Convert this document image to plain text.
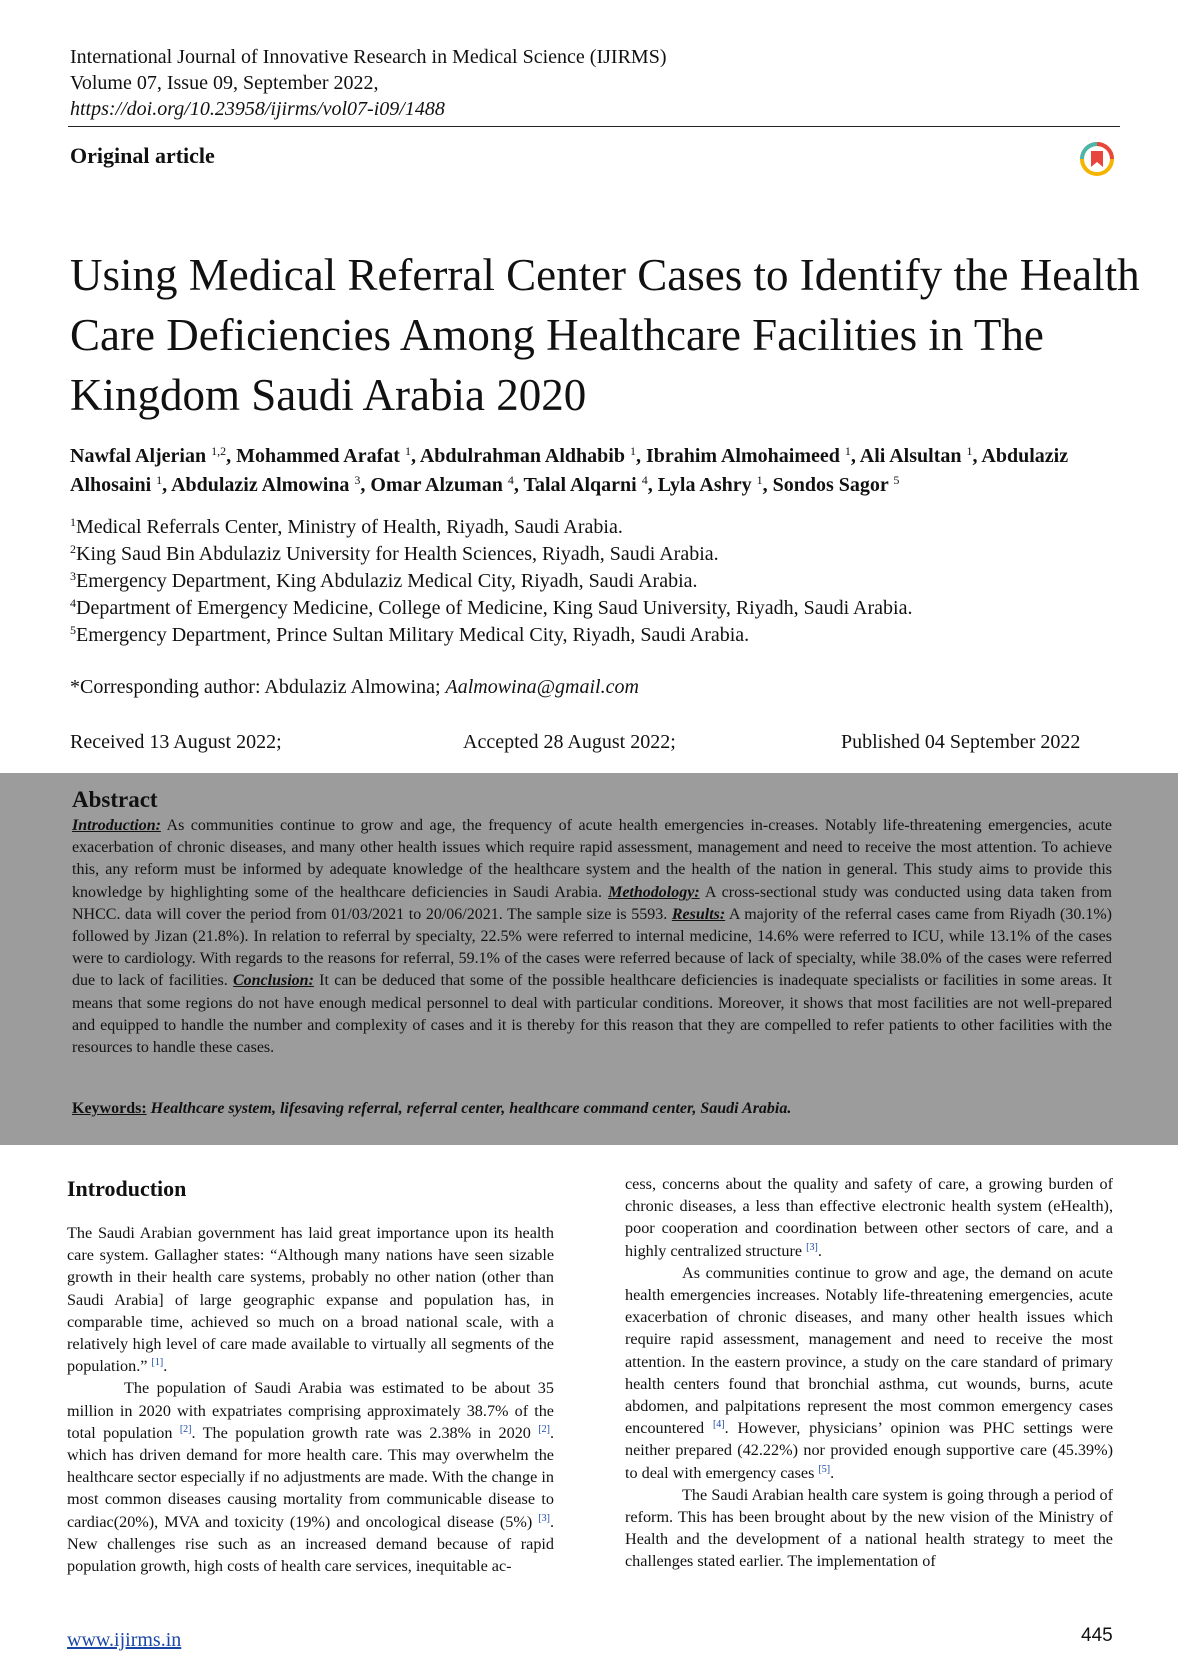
International Journal of Innovative Research in Medical Science (IJIRMS)
Volume 07, Issue 09, September 2022,
https://doi.org/10.23958/ijirms/vol07-i09/1488
Original article
Using Medical Referral Center Cases to Identify the Health Care Deficiencies Among Healthcare Facilities in The Kingdom Saudi Arabia 2020
Nawfal Aljerian $^{1,2}$, Mohammed Arafat $^1$, Abdulrahman Aldhabib $^1$, Ibrahim Almohaimeed $^1$, Ali Alsultan $^1$, Abdulaziz Alhosaini $^1$, Abdulaziz Almowina $^3$, Omar Alzuman $^4$, Talal Alqarni $^4$, Lyla Ashry $^1$, Sondos Sagor $^5$
$^1$Medical Referrals Center, Ministry of Health, Riyadh, Saudi Arabia.
$^2$King Saud Bin Abdulaziz University for Health Sciences, Riyadh, Saudi Arabia.
$^3$Emergency Department, King Abdulaziz Medical City, Riyadh, Saudi Arabia.
$^4$Department of Emergency Medicine, College of Medicine, King Saud University, Riyadh, Saudi Arabia.
$^5$Emergency Department, Prince Sultan Military Medical City, Riyadh, Saudi Arabia.
*Corresponding author: Abdulaziz Almowina; Aalmowina@gmail.com
Received 13 August 2022;	Accepted 28 August 2022;	Published 04 September 2022
Abstract
Introduction: As communities continue to grow and age, the frequency of acute health emergencies in-creases. Notably life-threatening emergencies, acute exacerbation of chronic diseases, and many other health issues which require rapid assessment, management and need to receive the most attention. To achieve this, any reform must be informed by adequate knowledge of the healthcare system and the health of the nation in general. This study aims to provide this knowledge by highlighting some of the healthcare deficiencies in Saudi Arabia. Methodology: A cross-sectional study was conducted using data taken from NHCC. data will cover the period from 01/03/2021 to 20/06/2021. The sample size is 5593. Results: A majority of the referral cases came from Riyadh (30.1%) followed by Jizan (21.8%). In relation to referral by specialty, 22.5% were referred to internal medicine, 14.6% were referred to ICU, while 13.1% of the cases were to cardiology. With regards to the reasons for referral, 59.1% of the cases were referred because of lack of specialty, while 38.0% of the cases were referred due to lack of facilities. Conclusion: It can be deduced that some of the possible healthcare deficiencies is inadequate specialists or facilities in some areas. It means that some regions do not have enough medical personnel to deal with particular conditions. Moreover, it shows that most facilities are not well-prepared and equipped to handle the number and complexity of cases and it is thereby for this reason that they are compelled to refer patients to other facilities with the resources to handle these cases.
Keywords: Healthcare system, lifesaving referral, referral center, healthcare command center, Saudi Arabia.
Introduction

The Saudi Arabian government has laid great importance upon its health care system. Gallagher states: “Although many nations have seen sizable growth in their health care systems, probably no other nation (other than Saudi Arabia] of large geographic expanse and population has, in comparable time, achieved so much on a broad national scale, with a relatively high level of care made available to virtually all segments of the population.” [1].

The population of Saudi Arabia was estimated to be about 35 million in 2020 with expatriates comprising approximately 38.7% of the total population [2]. The population growth rate was 2.38% in 2020 [2]. which has driven demand for more health care. This may overwhelm the healthcare sector especially if no adjustments are made. With the change in most common diseases causing mortality from communicable disease to cardiac(20%), MVA and toxicity (19%) and oncological disease (5%) [3]. New challenges rise such as an increased demand because of rapid population growth, high costs of health care services, inequitable ac-

cess, concerns about the quality and safety of care, a growing burden of chronic diseases, a less than effective electronic health system (eHealth), poor cooperation and coordination between other sectors of care, and a highly centralized structure [3].

As communities continue to grow and age, the demand on acute health emergencies increases. Notably life-threatening emergencies, acute exacerbation of chronic diseases, and many other health issues which require rapid assessment, management and need to receive the most attention. In the eastern province, a study on the care standard of primary health centers found that bronchial asthma, cut wounds, burns, acute abdomen, and palpitations represent the most common emergency cases encountered [4]. However, physicians’ opinion was PHC settings were neither prepared (42.22%) nor provided enough supportive care (45.39%) to deal with emergency cases [5].

The Saudi Arabian health care system is going through a period of reform. This has been brought about by the new vision of the Ministry of Health and the development of a national health strategy to meet the challenges stated earlier. The implementation of

www.ijirms.in	445
